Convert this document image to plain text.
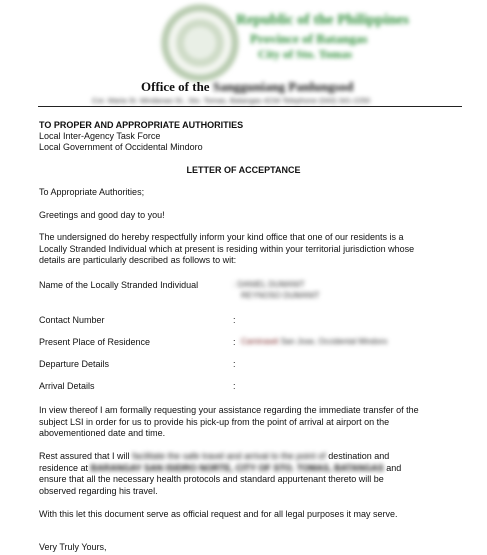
Republic of the Philippines
Province of Batangas
City of Sto. Tomas
Office of the Sangguniang Panlungsod
Cor. Maria St. Mindanao St., Sto. Tomas, Batangas 4234 Telephone (043) 341-2250
TO PROPER AND APPROPRIATE AUTHORITIES
Local Inter-Agency Task Force
Local Government of Occidental Mindoro
LETTER OF ACCEPTANCE
To Appropriate Authorities;
Greetings and good day to you!
The undersigned do hereby respectfully inform your kind office that one of our residents is a
Locally Stranded Individual which at present is residing within your territorial jurisdiction whose
details are particularly described as follows to wit:
Name of the Locally Stranded Individual	: DANIEL DUMANIT
REYNOSO DUMANIT
Contact Number	:
Present Place of Residence	: Caminawit San Jose, Occidental Mindoro
Departure Details	:
Arrival Details	:
In view thereof I am formally requesting your assistance regarding the immediate transfer of the
subject LSI in order for us to provide his pick-up from the point of arrival at airport on the
abovementioned date and time.
Rest assured that I will facilitate the safe travel and arrival to the point of destination and
residence at BARANGAY SAN ISIDRO NORTE, CITY OF STO. TOMAS, BATANGAS and
ensure that all the necessary health protocols and standard appurtenant thereto will be
observed regarding his travel.
With this let this document serve as official request and for all legal purposes it may serve.
Very Truly Yours,
